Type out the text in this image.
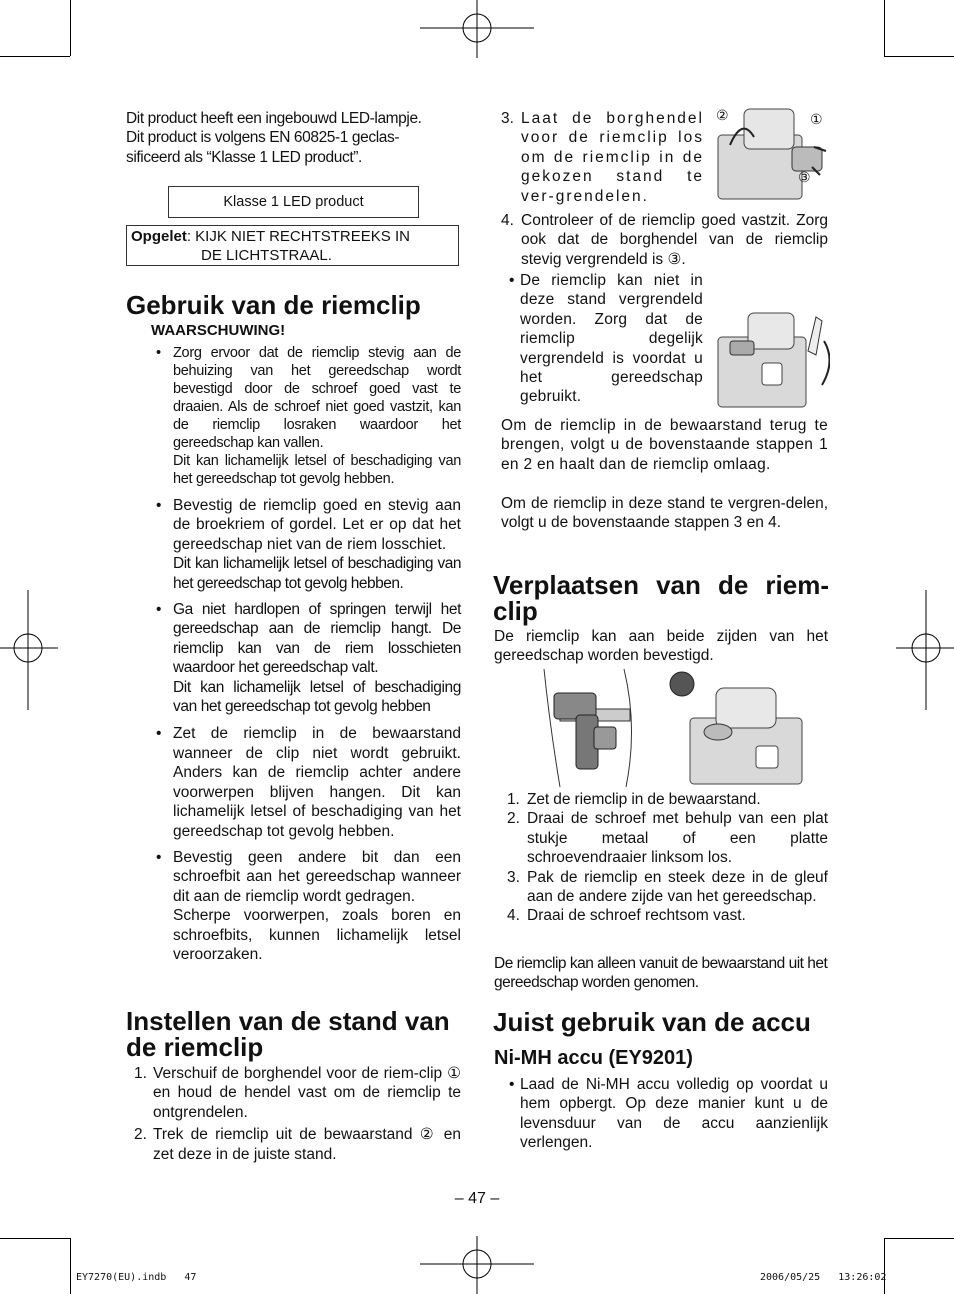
Dit product heeft een ingebouwd LED-lampje.

Dit product is volgens EN 60825-1 geclas-

sificeerd als “Klasse 1 LED product”.

Klasse 1 LED product
Opgelet: KIJK NIET RECHTSTREEKS IN
DE LICHTSTRAAL.
Gebruik van de riemclip
WAARSCHUWING!
• Zorg ervoor dat de riemclip stevig aan de behuizing van het gereedschap wordt bevestigd door de schroef goed vast te draaien. Als de schroef niet goed vastzit, kan de riemclip losraken waardoor het gereedschap kan vallen.
Dit kan lichamelijk letsel of beschadiging van het gereedschap tot gevolg hebben.
• Bevestig de riemclip goed en stevig aan de broekriem of gordel. Let er op dat het gereedschap niet van de riem losschiet.
Dit kan lichamelijk letsel of beschadiging van het gereedschap tot gevolg hebben.
• Ga niet hardlopen of springen terwijl het gereedschap aan de riemclip hangt. De riemclip kan van de riem losschieten waardoor het gereedschap valt.
Dit kan lichamelijk letsel of beschadiging van het gereedschap tot gevolg hebben
• Zet de riemclip in de bewaarstand wanneer de clip niet wordt gebruikt. Anders kan de riemclip achter andere voorwerpen blijven hangen. Dit kan lichamelijk letsel of beschadiging van het gereedschap tot gevolg hebben.
• Bevestig geen andere bit dan een schroefbit aan het gereedschap wanneer dit aan de riemclip wordt gedragen.
Scherpe voorwerpen, zoals boren en schroefbits, kunnen lichamelijk letsel veroorzaken.
Instellen van de stand van
de riemclip
1. Verschuif de borghendel voor de riem-clip ① en houd de hendel vast om de riemclip te ontgrendelen.
2. Trek de riemclip uit de bewaarstand ② en zet deze in de juiste stand.
3. Laat de borghendel voor de riemclip los om de riemclip in de gekozen stand te ver-grendelen.
②	①
③
4. Controleer of de riemclip goed vastzit. Zorg ook dat de borghendel van de riemclip stevig vergrendeld is ③.
• De riemclip kan niet in deze stand vergrendeld worden. Zorg dat de riemclip degelijk vergrendeld is voordat u het gereedschap gebruikt.
Om de riemclip in de bewaarstand terug te brengen, volgt u de bovenstaande stappen 1 en 2 en haalt dan de riemclip omlaag.
Om de riemclip in deze stand te vergren-delen, volgt u de bovenstaande stappen 3 en 4.
Verplaatsen van de riem-
clip
De riemclip kan aan beide zijden van het gereedschap worden bevestigd.
1. Zet de riemclip in de bewaarstand.
2. Draai de schroef met behulp van een plat stukje metaal of een platte schroevendraaier linksom los.
3. Pak de riemclip en steek deze in de gleuf aan de andere zijde van het gereedschap.
4. Draai de schroef rechtsom vast.
De riemclip kan alleen vanuit de bewaarstand uit het gereedschap worden genomen.
Juist gebruik van de accu
Ni-MH accu (EY9201)
• Laad de Ni-MH accu volledig op voordat u hem opbergt. Op deze manier kunt u de levensduur van de accu aanzienlijk verlengen.
– 47 –
EY7270(EU).indb   47	2006/05/25   13:26:02
